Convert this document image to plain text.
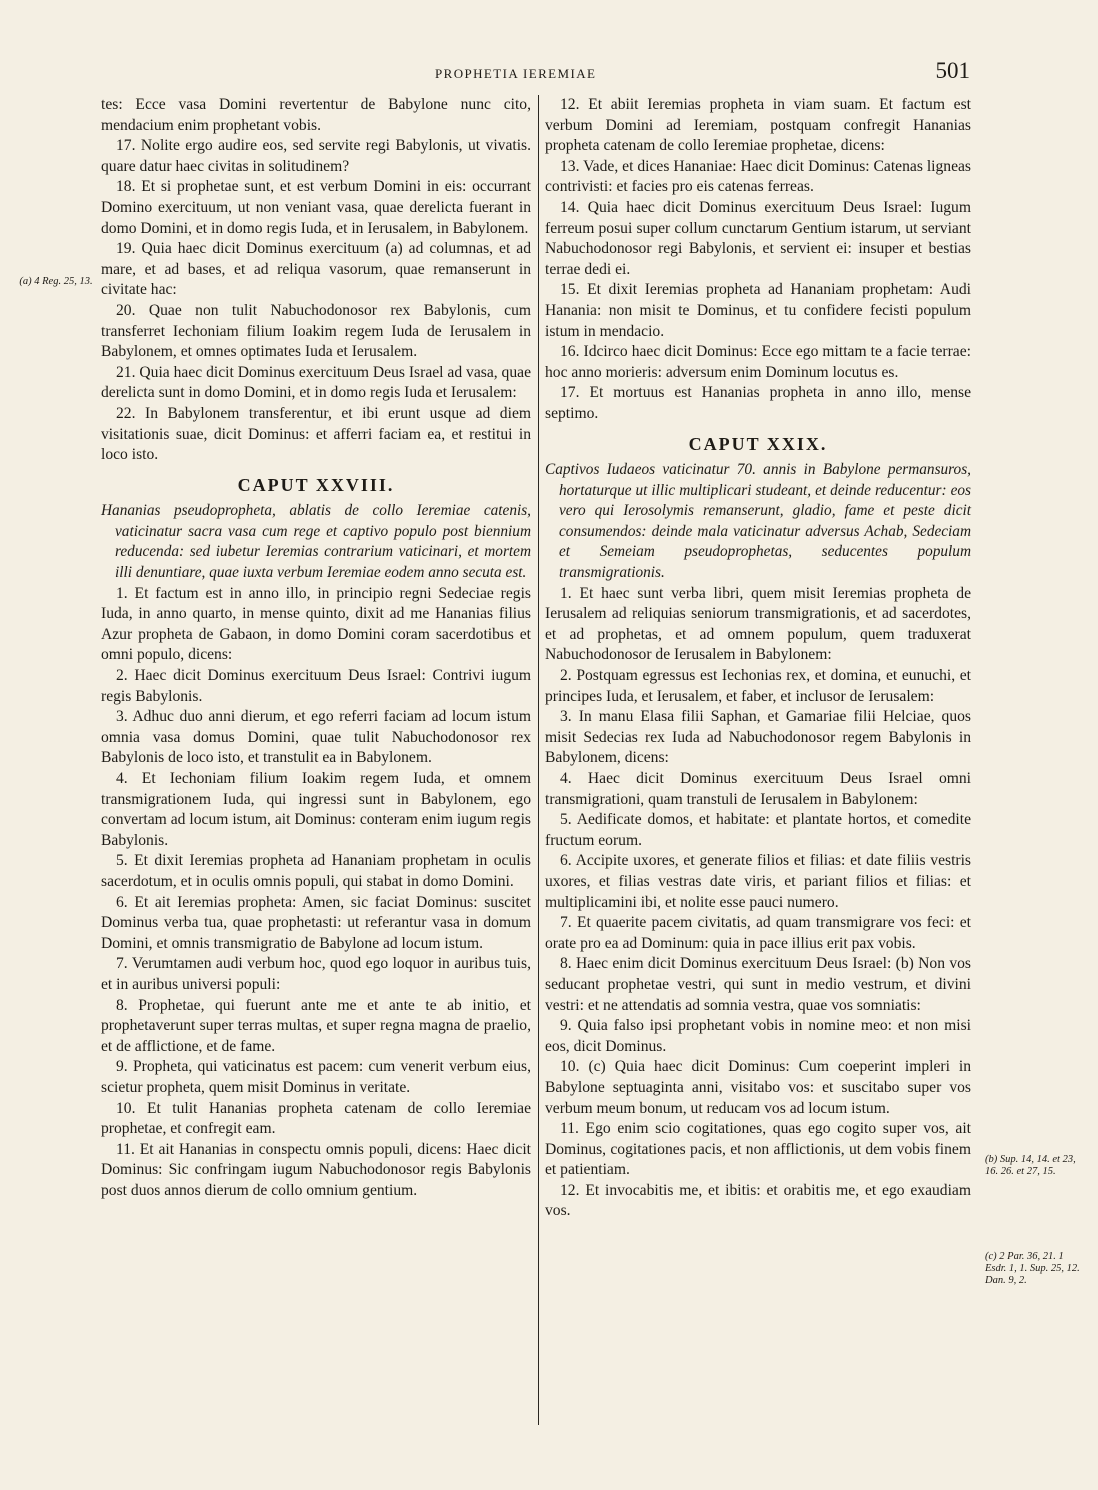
PROPHETIA IEREMIAE	501
(a) 4 Reg. 25, 13.
(b) Sup. 14, 14. et 23, 16. 26. et 27, 15.
(c) 2 Par. 36, 21. 1 Esdr. 1, 1. Sup. 25, 12. Dan. 9, 2.

tes: Ecce vasa Domini revertentur de Babylone nunc cito, mendacium enim prophetant vobis.

17. Nolite ergo audire eos, sed servite regi Babylonis, ut vivatis. quare datur haec civitas in solitudinem?

18. Et si prophetae sunt, et est verbum Domini in eis: occurrant Domino exercituum, ut non veniant vasa, quae derelicta fuerant in domo Domini, et in domo regis Iuda, et in Ierusalem, in Babylonem.

19. Quia haec dicit Dominus exercituum (a) ad columnas, et ad mare, et ad bases, et ad reliqua vasorum, quae remanserunt in civitate hac:

20. Quae non tulit Nabuchodonosor rex Babylonis, cum transferret Iechoniam filium Ioakim regem Iuda de Ierusalem in Babylonem, et omnes optimates Iuda et Ierusalem.

21. Quia haec dicit Dominus exercituum Deus Israel ad vasa, quae derelicta sunt in domo Domini, et in domo regis Iuda et Ierusalem:

22. In Babylonem transferentur, et ibi erunt usque ad diem visitationis suae, dicit Dominus: et afferri faciam ea, et restitui in loco isto.

CAPUT XXVIII.

Hananias pseudopropheta, ablatis de collo Ieremiae catenis, vaticinatur sacra vasa cum rege et captivo populo post biennium reducenda: sed iubetur Ieremias contrarium vaticinari, et mortem illi denuntiare, quae iuxta verbum Ieremiae eodem anno secuta est.

1. Et factum est in anno illo, in principio regni Sedeciae regis Iuda, in anno quarto, in mense quinto, dixit ad me Hananias filius Azur propheta de Gabaon, in domo Domini coram sacerdotibus et omni populo, dicens:

2. Haec dicit Dominus exercituum Deus Israel: Contrivi iugum regis Babylonis.

3. Adhuc duo anni dierum, et ego referri faciam ad locum istum omnia vasa domus Domini, quae tulit Nabuchodonosor rex Babylonis de loco isto, et transtulit ea in Babylonem.

4. Et Iechoniam filium Ioakim regem Iuda, et omnem transmigrationem Iuda, qui ingressi sunt in Babylonem, ego convertam ad locum istum, ait Dominus: conteram enim iugum regis Babylonis.

5. Et dixit Ieremias propheta ad Hananiam prophetam in oculis sacerdotum, et in oculis omnis populi, qui stabat in domo Domini.

6. Et ait Ieremias propheta: Amen, sic faciat Dominus: suscitet Dominus verba tua, quae prophetasti: ut referantur vasa in domum Domini, et omnis transmigratio de Babylone ad locum istum.

7. Verumtamen audi verbum hoc, quod ego loquor in auribus tuis, et in auribus universi populi:

8. Prophetae, qui fuerunt ante me et ante te ab initio, et prophetaverunt super terras multas, et super regna magna de praelio, et de afflictione, et de fame.

9. Propheta, qui vaticinatus est pacem: cum venerit verbum eius, scietur propheta, quem misit Dominus in veritate.

10. Et tulit Hananias propheta catenam de collo Ieremiae prophetae, et confregit eam.

11. Et ait Hananias in conspectu omnis populi, dicens: Haec dicit Dominus: Sic confringam iugum Nabuchodonosor regis Babylonis post duos annos dierum de collo omnium gentium.

12. Et abiit Ieremias propheta in viam suam. Et factum est verbum Domini ad Ieremiam, postquam confregit Hananias propheta catenam de collo Ieremiae prophetae, dicens:

13. Vade, et dices Hananiae: Haec dicit Dominus: Catenas ligneas contrivisti: et facies pro eis catenas ferreas.

14. Quia haec dicit Dominus exercituum Deus Israel: Iugum ferreum posui super collum cunctarum Gentium istarum, ut serviant Nabuchodonosor regi Babylonis, et servient ei: insuper et bestias terrae dedi ei.

15. Et dixit Ieremias propheta ad Hananiam prophetam: Audi Hanania: non misit te Dominus, et tu confidere fecisti populum istum in mendacio.

16. Idcirco haec dicit Dominus: Ecce ego mittam te a facie terrae: hoc anno morieris: adversum enim Dominum locutus es.

17. Et mortuus est Hananias propheta in anno illo, mense septimo.

CAPUT XXIX.

Captivos Iudaeos vaticinatur 70. annis in Babylone permansuros, hortaturque ut illic multiplicari studeant, et deinde reducentur: eos vero qui Ierosolymis remanserunt, gladio, fame et peste dicit consumendos: deinde mala vaticinatur adversus Achab, Sedeciam et Semeiam pseudoprophetas, seducentes populum transmigrationis.

1. Et haec sunt verba libri, quem misit Ieremias propheta de Ierusalem ad reliquias seniorum transmigrationis, et ad sacerdotes, et ad prophetas, et ad omnem populum, quem traduxerat Nabuchodonosor de Ierusalem in Babylonem:

2. Postquam egressus est Iechonias rex, et domina, et eunuchi, et principes Iuda, et Ierusalem, et faber, et inclusor de Ierusalem:

3. In manu Elasa filii Saphan, et Gamariae filii Helciae, quos misit Sedecias rex Iuda ad Nabuchodonosor regem Babylonis in Babylonem, dicens:

4. Haec dicit Dominus exercituum Deus Israel omni transmigrationi, quam transtuli de Ierusalem in Babylonem:

5. Aedificate domos, et habitate: et plantate hortos, et comedite fructum eorum.

6. Accipite uxores, et generate filios et filias: et date filiis vestris uxores, et filias vestras date viris, et pariant filios et filias: et multiplicamini ibi, et nolite esse pauci numero.

7. Et quaerite pacem civitatis, ad quam transmigrare vos feci: et orate pro ea ad Dominum: quia in pace illius erit pax vobis.

8. Haec enim dicit Dominus exercituum Deus Israel: (b) Non vos seducant prophetae vestri, qui sunt in medio vestrum, et divini vestri: et ne attendatis ad somnia vestra, quae vos somniatis:

9. Quia falso ipsi prophetant vobis in nomine meo: et non misi eos, dicit Dominus.

10. (c) Quia haec dicit Dominus: Cum coeperint impleri in Babylone septuaginta anni, visitabo vos: et suscitabo super vos verbum meum bonum, ut reducam vos ad locum istum.

11. Ego enim scio cogitationes, quas ego cogito super vos, ait Dominus, cogitationes pacis, et non afflictionis, ut dem vobis finem et patientiam.

12. Et invocabitis me, et ibitis: et orabitis me, et ego exaudiam vos.
